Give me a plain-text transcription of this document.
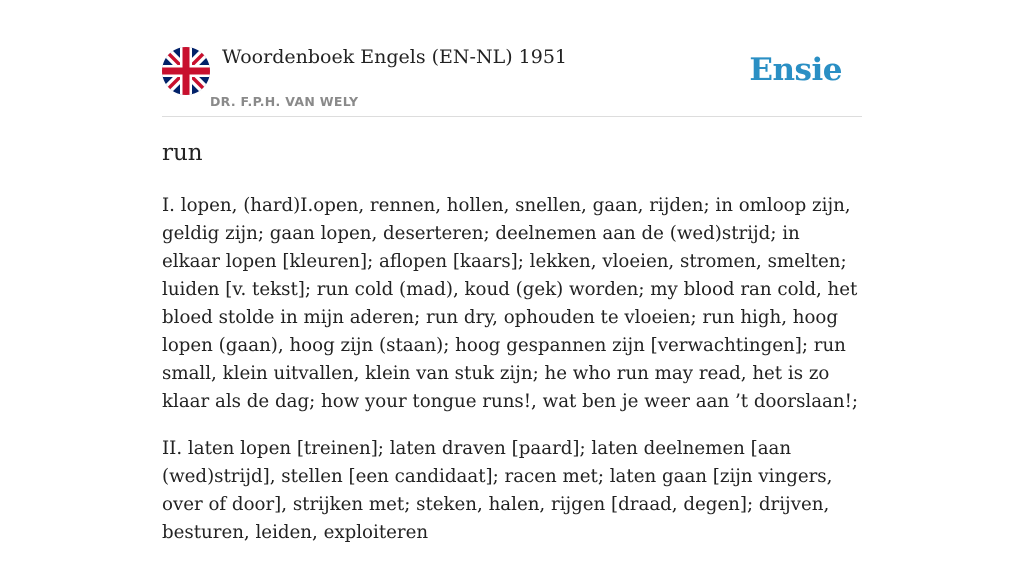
Woordenboek Engels (EN-NL) 1951
DR. F.P.H. VAN WELY
Ensie
run

I. lopen, (hard)I.open, rennen, hollen, snellen, gaan, rijden; in omloop zijn, geldig zijn; gaan lopen, deserteren; deelnemen aan de (wed)strijd; in elkaar lopen [kleuren]; aflopen [kaars]; lekken, vloeien, stromen, smelten; luiden [v. tekst]; run cold (mad), koud (gek) worden; my blood ran cold, het bloed stolde in mijn aderen; run dry, ophouden te vloeien; run high, hoog lopen (gaan), hoog zijn (staan); hoog gespannen zijn [verwachtingen]; run small, klein uitvallen, klein van stuk zijn; he who run may read, het is zo klaar als de dag; how your tongue runs!, wat ben je weer aan ’t doorslaan!;

II. laten lopen [treinen]; laten draven [paard]; laten deelnemen [aan (wed)strijd], stellen [een candidaat]; racen met; laten gaan [zijn vingers, over of door], strijken met; steken, halen, rijgen [draad, degen]; drijven, besturen, leiden, exploiteren
